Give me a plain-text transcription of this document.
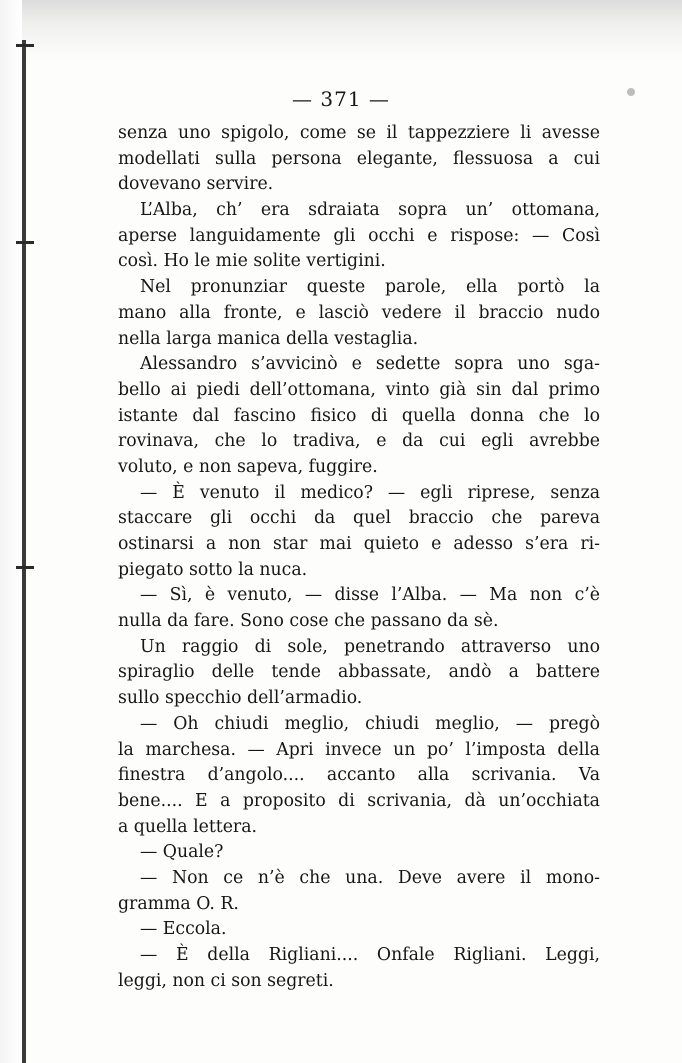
— 371 —
senza uno spigolo, come se il tappezziere li avesse
modellati sulla persona elegante, flessuosa a cui
dovevano servire.
L’Alba, ch’ era sdraiata sopra un’ ottomana,
aperse languidamente gli occhi e rispose: — Così
così. Ho le mie solite vertigini.
Nel pronunziar queste parole, ella portò la
mano alla fronte, e lasciò vedere il braccio nudo
nella larga manica della vestaglia.
Alessandro s’avvicinò e sedette sopra uno sga-
bello ai piedi dell’ottomana, vinto già sin dal primo
istante dal fascino fisico di quella donna che lo
rovinava, che lo tradiva, e da cui egli avrebbe
voluto, e non sapeva, fuggire.
— È venuto il medico? — egli riprese, senza
staccare gli occhi da quel braccio che pareva
ostinarsi a non star mai quieto e adesso s’era ri-
piegato sotto la nuca.
— Sì, è venuto, — disse l’Alba. — Ma non c’è
nulla da fare. Sono cose che passano da sè.
Un raggio di sole, penetrando attraverso uno
spiraglio delle tende abbassate, andò a battere
sullo specchio dell’armadio.
— Oh chiudi meglio, chiudi meglio, — pregò
la marchesa. — Apri invece un po’ l’imposta della
finestra d’angolo.... accanto alla scrivania. Va
bene.... E a proposito di scrivania, dà un’occhiata
a quella lettera.
— Quale?
— Non ce n’è che una. Deve avere il mono-
gramma O. R.
— Eccola.
— È della Rigliani.... Onfale Rigliani. Leggi,
leggi, non ci son segreti.
